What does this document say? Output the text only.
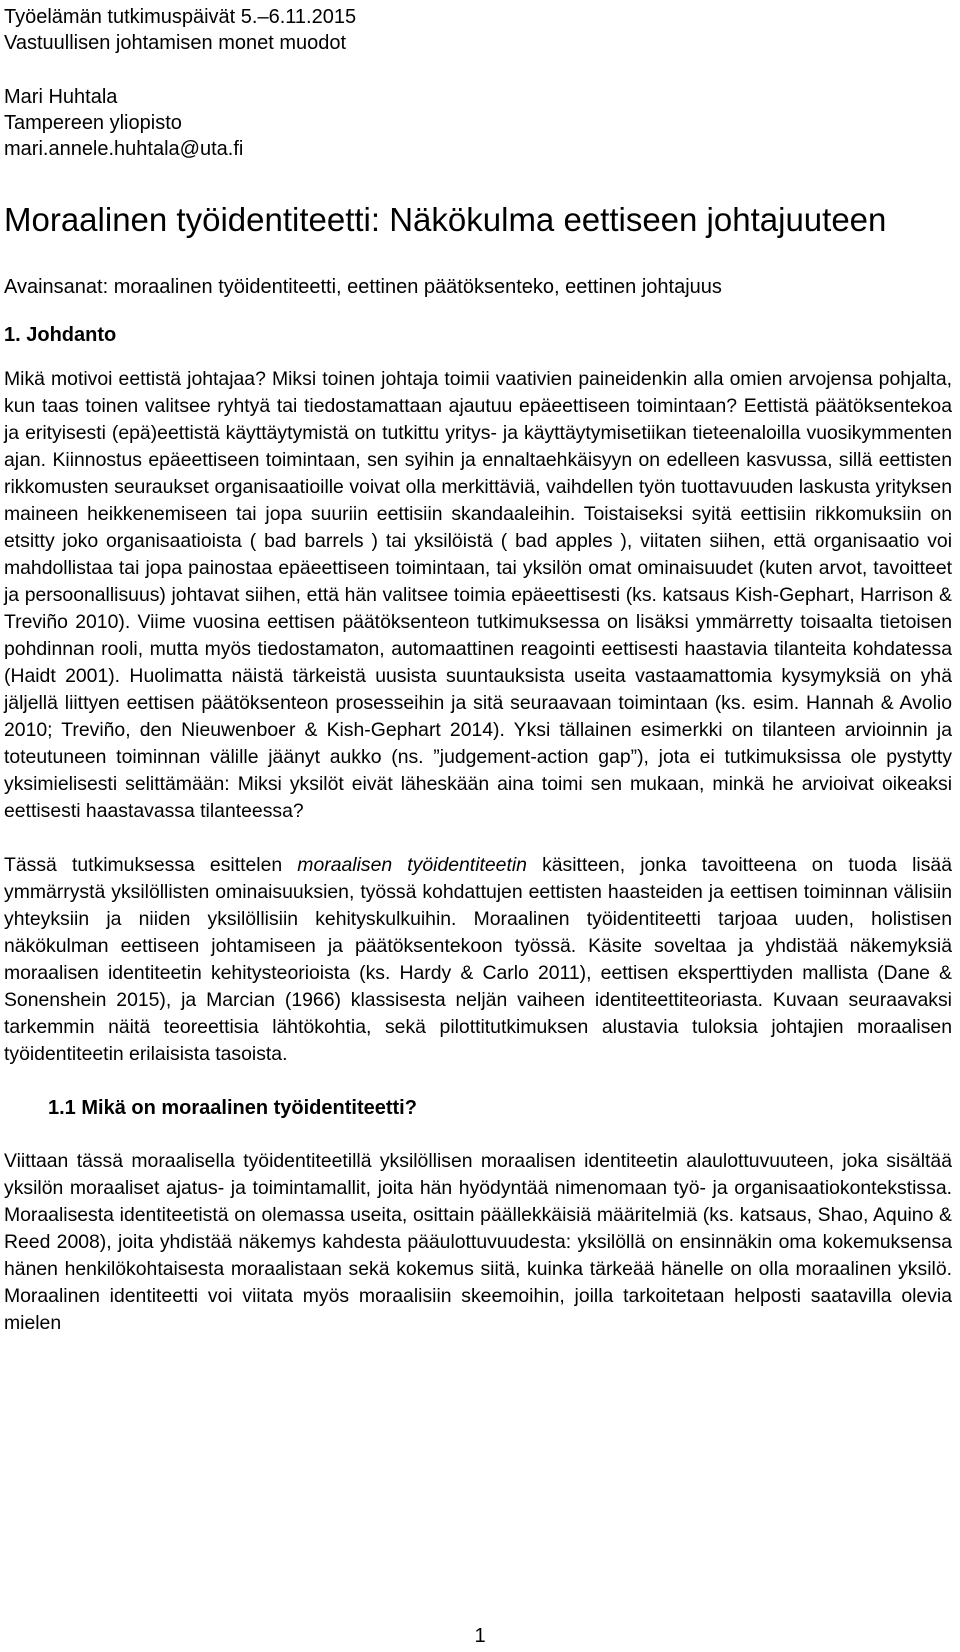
Työelämän tutkimuspäivät 5.–6.11.2015
Vastuullisen johtamisen monet muodot
Mari Huhtala
Tampereen yliopisto
mari.annele.huhtala@uta.fi
Moraalinen työidentiteetti: Näkökulma eettiseen johtajuuteen
Avainsanat: moraalinen työidentiteetti, eettinen päätöksenteko, eettinen johtajuus
1. Johdanto

Mikä motivoi eettistä johtajaa? Miksi toinen johtaja toimii vaativien paineidenkin alla omien arvojensa pohjalta, kun taas toinen valitsee ryhtyä tai tiedostamattaan ajautuu epäeettiseen toimintaan? Eettistä päätöksentekoa ja erityisesti (epä)eettistä käyttäytymistä on tutkittu yritys- ja käyttäytymisetiikan tieteenaloilla vuosikymmenten ajan. Kiinnostus epäeettiseen toimintaan, sen syihin ja ennaltaehkäisyyn on edelleen kasvussa, sillä eettisten rikkomusten seuraukset organisaatioille voivat olla merkittäviä, vaihdellen työn tuottavuuden laskusta yrityksen maineen heikkenemiseen tai jopa suuriin eettisiin skandaaleihin. Toistaiseksi syitä eettisiin rikkomuksiin on etsitty joko organisaatioista ( bad barrels ) tai yksilöistä ( bad apples ), viitaten siihen, että organisaatio voi mahdollistaa tai jopa painostaa epäeettiseen toimintaan, tai yksilön omat ominaisuudet (kuten arvot, tavoitteet ja persoonallisuus) johtavat siihen, että hän valitsee toimia epäeettisesti (ks. katsaus Kish-Gephart, Harrison & Treviño 2010). Viime vuosina eettisen päätöksenteon tutkimuksessa on lisäksi ymmärretty toisaalta tietoisen pohdinnan rooli, mutta myös tiedostamaton, automaattinen reagointi eettisesti haastavia tilanteita kohdatessa (Haidt 2001). Huolimatta näistä tärkeistä uusista suuntauksista useita vastaamattomia kysymyksiä on yhä jäljellä liittyen eettisen päätöksenteon prosesseihin ja sitä seuraavaan toimintaan (ks. esim. Hannah & Avolio 2010; Treviño, den Nieuwenboer & Kish-Gephart 2014). Yksi tällainen esimerkki on tilanteen arvioinnin ja toteutuneen toiminnan välille jäänyt aukko (ns. ”judgement-action gap”), jota ei tutkimuksissa ole pystytty yksimielisesti selittämään: Miksi yksilöt eivät läheskään aina toimi sen mukaan, minkä he arvioivat oikeaksi eettisesti haastavassa tilanteessa?

Tässä tutkimuksessa esittelen moraalisen työidentiteetin käsitteen, jonka tavoitteena on tuoda lisää ymmärrystä yksilöllisten ominaisuuksien, työssä kohdattujen eettisten haasteiden ja eettisen toiminnan välisiin yhteyksiin ja niiden yksilöllisiin kehityskulkuihin. Moraalinen työidentiteetti tarjoaa uuden, holistisen näkökulman eettiseen johtamiseen ja päätöksentekoon työssä. Käsite soveltaa ja yhdistää näkemyksiä moraalisen identiteetin kehitysteorioista (ks. Hardy & Carlo 2011), eettisen eksperttiyden mallista (Dane & Sonenshein 2015), ja Marcian (1966) klassisesta neljän vaiheen identiteettiteoriasta. Kuvaan seuraavaksi tarkemmin näitä teoreettisia lähtökohtia, sekä pilottitutkimuksen alustavia tuloksia johtajien moraalisen työidentiteetin erilaisista tasoista.

1.1 Mikä on moraalinen työidentiteetti?

Viittaan tässä moraalisella työidentiteetillä yksilöllisen moraalisen identiteetin alaulottuvuuteen, joka sisältää yksilön moraaliset ajatus- ja toimintamallit, joita hän hyödyntää nimenomaan työ- ja organisaatiokontekstissa. Moraalisesta identiteetistä on olemassa useita, osittain päällekkäisiä määritelmiä (ks. katsaus, Shao, Aquino & Reed 2008), joita yhdistää näkemys kahdesta pääulottuvuudesta: yksilöllä on ensinnäkin oma kokemuksensa hänen henkilökohtaisesta moraalistaan sekä kokemus siitä, kuinka tärkeää hänelle on olla moraalinen yksilö. Moraalinen identiteetti voi viitata myös moraalisiin skeemoihin, joilla tarkoitetaan helposti saatavilla olevia mielen

1
